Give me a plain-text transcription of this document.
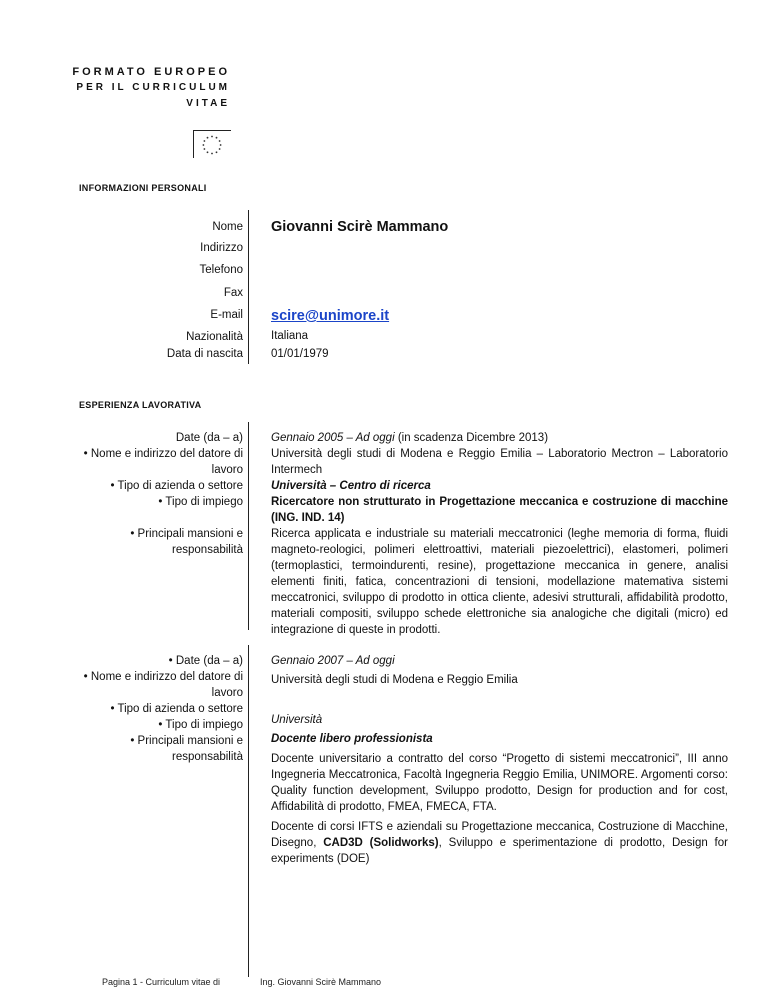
FORMATO EUROPEO
PER IL CURRICULUM
VITAE
INFORMAZIONI PERSONALI
Nome
Indirizzo
Telefono
Fax
E-mail
Nazionalità
Data di nascita
Giovanni Scirè Mammano
scire@unimore.it
Italiana
01/01/1979
ESPERIENZA LAVORATIVA
Date (da – a)
• Nome e indirizzo del datore di lavoro
• Tipo di azienda o settore
• Tipo di impiego
• Principali mansioni e responsabilità
Gennaio 2005 – Ad oggi (in scadenza Dicembre 2013)
Università degli studi di Modena e Reggio Emilia – Laboratorio Mectron – Laboratorio Intermech
Università – Centro di ricerca
Ricercatore non strutturato in Progettazione meccanica e costruzione di macchine (ING. IND. 14)
Ricerca applicata e industriale su materiali meccatronici (leghe memoria di forma, fluidi magneto-reologici, polimeri elettroattivi, materiali piezoelettrici), elastomeri, polimeri (termoplastici, termoindurenti, resine), progettazione meccanica in genere, analisi elementi finiti, fatica, concentrazioni di tensioni, modellazione matemativa sistemi meccatronici, sviluppo di prodotto in ottica cliente, adesivi strutturali, affidabilità prodotto, materiali compositi, sviluppo schede elettroniche sia analogiche che digitali (micro) ed integrazione di queste in prodotti.
• Date (da – a)
• Nome e indirizzo del datore di lavoro
• Tipo di azienda o settore
• Tipo di impiego
• Principali mansioni e responsabilità
Gennaio 2007 – Ad oggi
Università degli studi di Modena e Reggio Emilia
Università
Docente libero professionista
Docente universitario a contratto del corso “Progetto di sistemi meccatronici”, III anno Ingegneria Meccatronica, Facoltà Ingegneria Reggio Emilia, UNIMORE. Argomenti corso: Quality function development, Sviluppo prodotto, Design for production and for cost, Affidabilità di prodotto, FMEA, FMECA, FTA.
Docente di corsi IFTS e aziendali su Progettazione meccanica, Costruzione di Macchine, Disegno, CAD3D (Solidworks), Sviluppo e sperimentazione di prodotto, Design for experiments (DOE)
Pagina 1 - Curriculum vitae di	Ing. Giovanni Scirè Mammano
